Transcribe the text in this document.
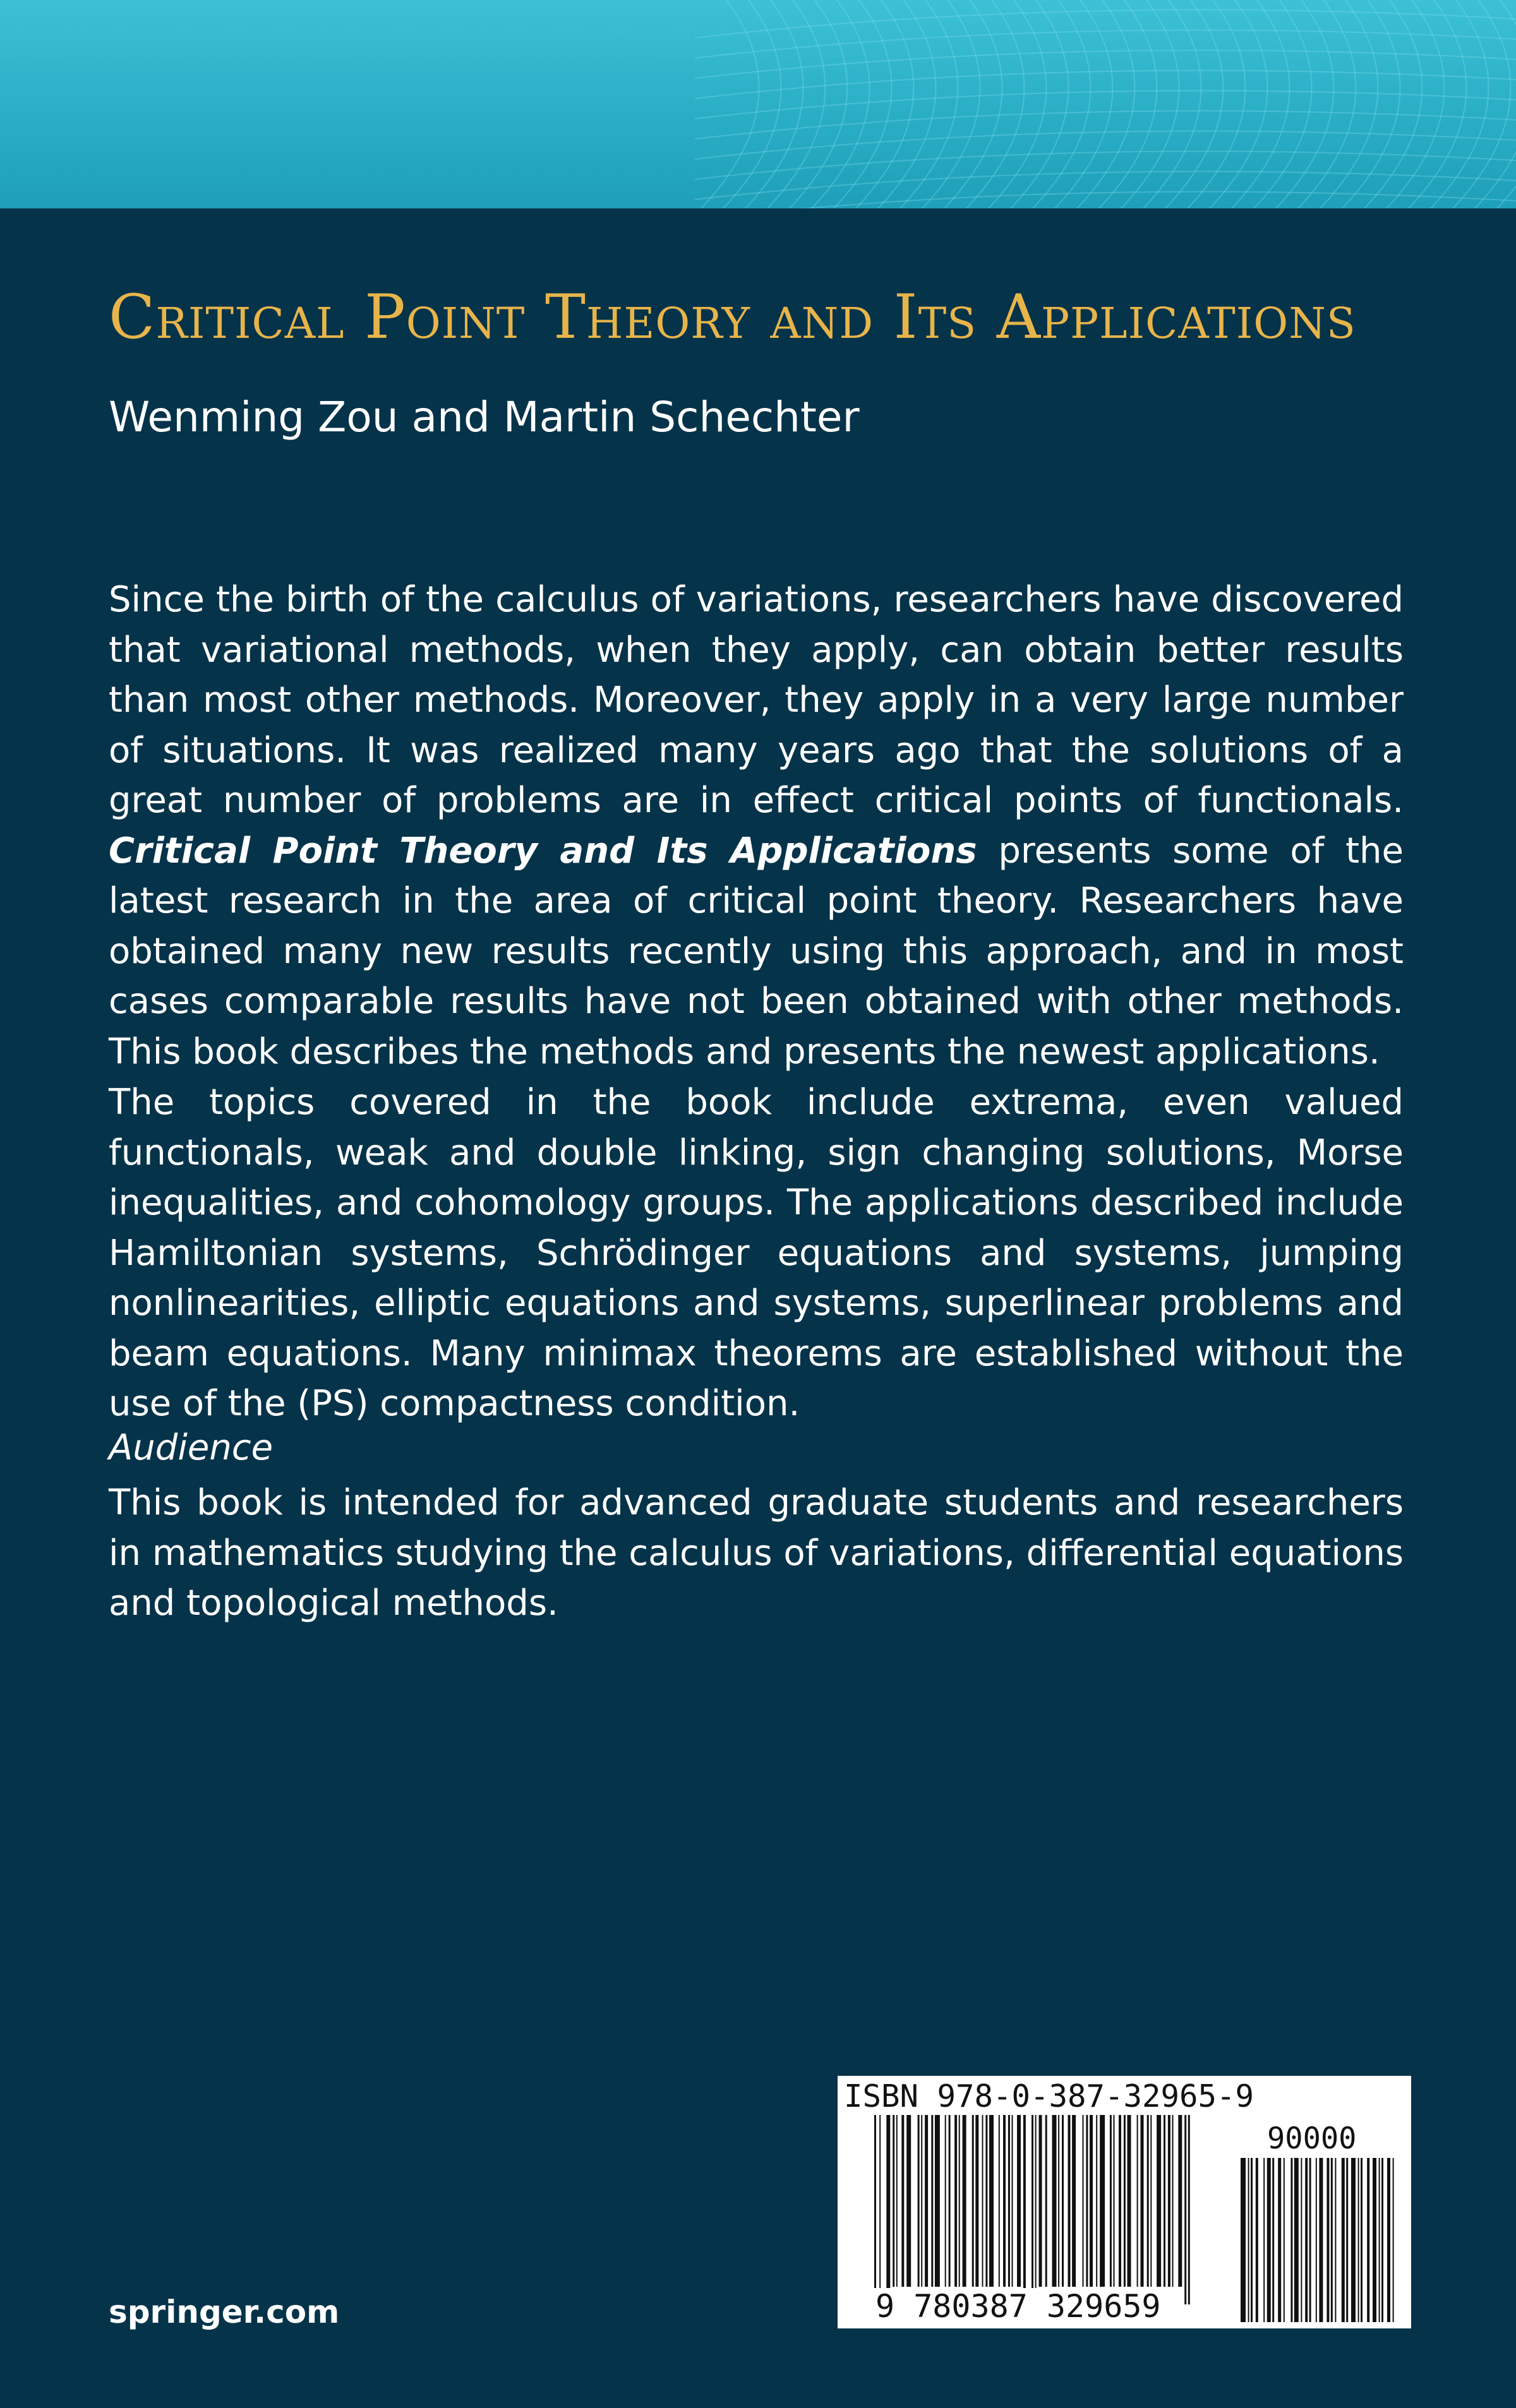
Critical Point Theory and Its Applications
Wenming Zou and Martin Schechter

Since the birth of the calculus of variations, researchers have discovered that variational methods, when they apply, can obtain better results than most other methods. Moreover, they apply in a very large number of situations. It was realized many years ago that the solutions of a great number of problems are in effect critical points of functionals. Critical Point Theory and Its Applications presents some of the latest research in the area of critical point theory. Researchers have obtained many new results recently using this approach, and in most cases comparable results have not been obtained with other methods. This book describes the methods and presents the newest applications.

The topics covered in the book include extrema, even valued functionals, weak and double linking, sign changing solutions, Morse inequalities, and cohomology groups. The applications described include Hamiltonian systems, Schrödinger equations and systems, jumping nonlinearities, elliptic equations and systems, superlinear problems and beam equations. Many minimax theorems are established without the use of the (PS) compactness condition.

Audience

This book is intended for advanced graduate students and researchers in mathematics studying the calculus of variations, differential equations and topological methods.

ISBN 978-0-387-32965-9
90000
9 780387 329659
springer.com
